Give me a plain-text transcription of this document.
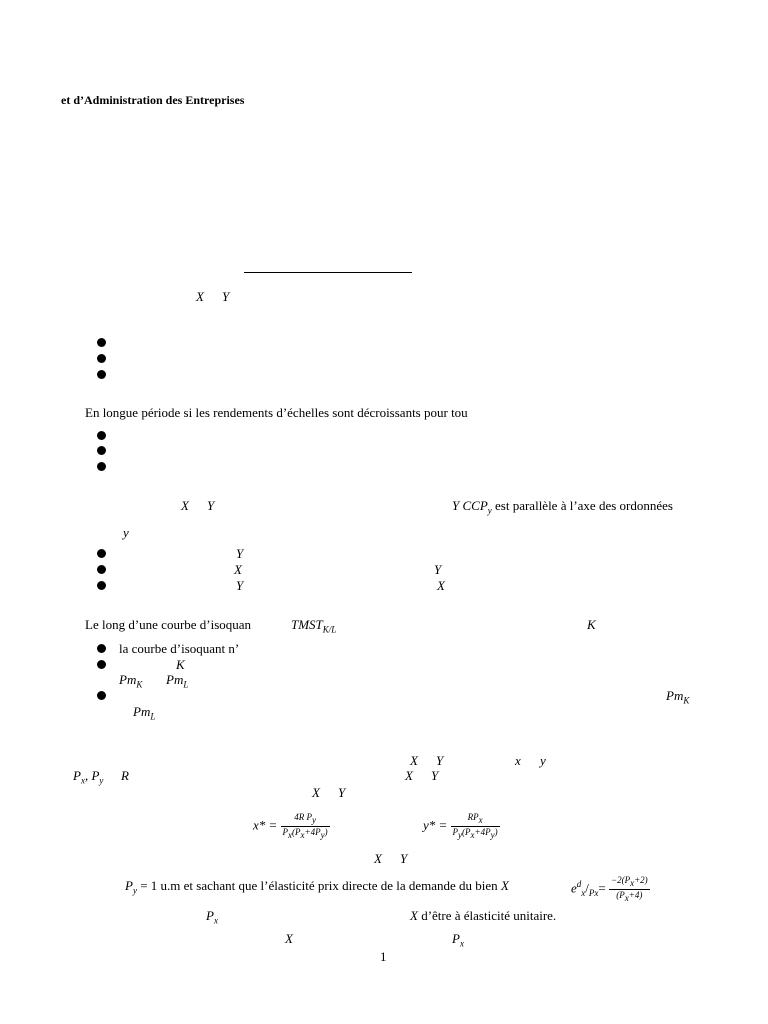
et d’Administration des Entreprises
X Y
En longue période si les rendements d’échelles sont décroissants pour tou
X Y	Y $CCP_y$ est parallèle à l’axe des ordonnées
y
Y
X	Y
Y	X
Le long d’une courbe d’isoquan	$TMST_{K/L}$	K
la courbe d’isoquant n’
K
$Pm_K$ $Pm_L$
$Pm_K$
$Pm_L$
X Y	x y
$P_x$, $P_y$ R	X Y
X Y
$x* = \frac{4R P_y}{P_x(P_x+4P_y)}$	$y* = \frac{RP_x}{P_y(P_x+4P_y)}$
X Y
$P_y = 1$ u.m et sachant que l’élasticité prix directe de la demande du bien X	$e^d_x/_{Px}= \frac{-2(P_x+2)}{(P_x+4)}$
$P_x$	X d’être à élasticité unitaire.
X	$P_x$
1
